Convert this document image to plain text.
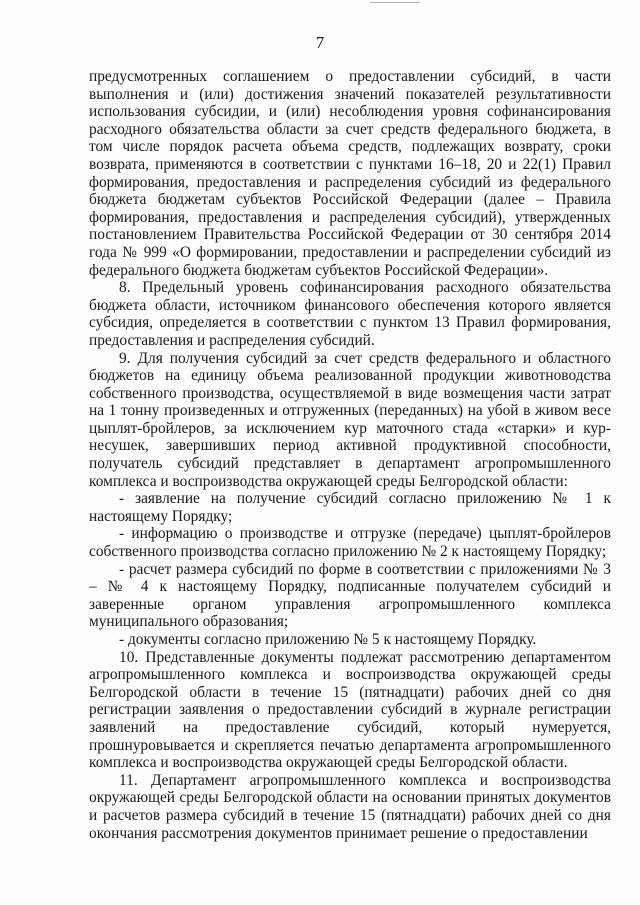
7

предусмотренных соглашением о предоставлении субсидий, в части выполнения и (или) достижения значений показателей результативности использования субсидии, и (или) несоблюдения уровня софинансирования расходного обязательства области за счет средств федерального бюджета, в том числе порядок расчета объема средств, подлежащих возврату, сроки возврата, применяются в соответствии с пунктами 16–18, 20 и 22(1) Правил формирования, предоставления и распределения субсидий из федерального бюджета бюджетам субъектов Российской Федерации (далее – Правила формирования, предоставления и распределения субсидий), утвержденных постановлением Правительства Российской Федерации от 30 сентября 2014 года № 999 «О формировании, предоставлении и распределении субсидий из федерального бюджета бюджетам субъектов Российской Федерации».

8. Предельный уровень софинансирования расходного обязательства бюджета области, источником финансового обеспечения которого является субсидия, определяется в соответствии с пунктом 13 Правил формирования, предоставления и распределения субсидий.

9. Для получения субсидий за счет средств федерального и областного бюджетов на единицу объема реализованной продукции животноводства собственного производства, осуществляемой в виде возмещения части затрат на 1 тонну произведенных и отгруженных (переданных) на убой в живом весе цыплят-бройлеров, за исключением кур маточного стада «старки» и кур-несушек, завершивших период активной продуктивной способности, получатель субсидий представляет в департамент агропромышленного комплекса и воспроизводства окружающей среды Белгородской области:

- заявление на получение субсидий согласно приложению № 1 к настоящему Порядку;

- информацию о производстве и отгрузке (передаче) цыплят-бройлеров собственного производства согласно приложению № 2 к настоящему Порядку;

- расчет размера субсидий по форме в соответствии с приложениями № 3 – № 4 к настоящему Порядку, подписанные получателем субсидий и заверенные органом управления агропромышленного комплекса муниципального образования;

- документы согласно приложению № 5 к настоящему Порядку.

10. Представленные документы подлежат рассмотрению департаментом агропромышленного комплекса и воспроизводства окружающей среды Белгородской области в течение 15 (пятнадцати) рабочих дней со дня регистрации заявления о предоставлении субсидий в журнале регистрации заявлений на предоставление субсидий, который нумеруется, прошнуровывается и скрепляется печатью департамента агропромышленного комплекса и воспроизводства окружающей среды Белгородской области.

11. Департамент агропромышленного комплекса и воспроизводства окружающей среды Белгородской области на основании принятых документов и расчетов размера субсидий в течение 15 (пятнадцати) рабочих дней со дня окончания рассмотрения документов принимает решение о предоставлении
